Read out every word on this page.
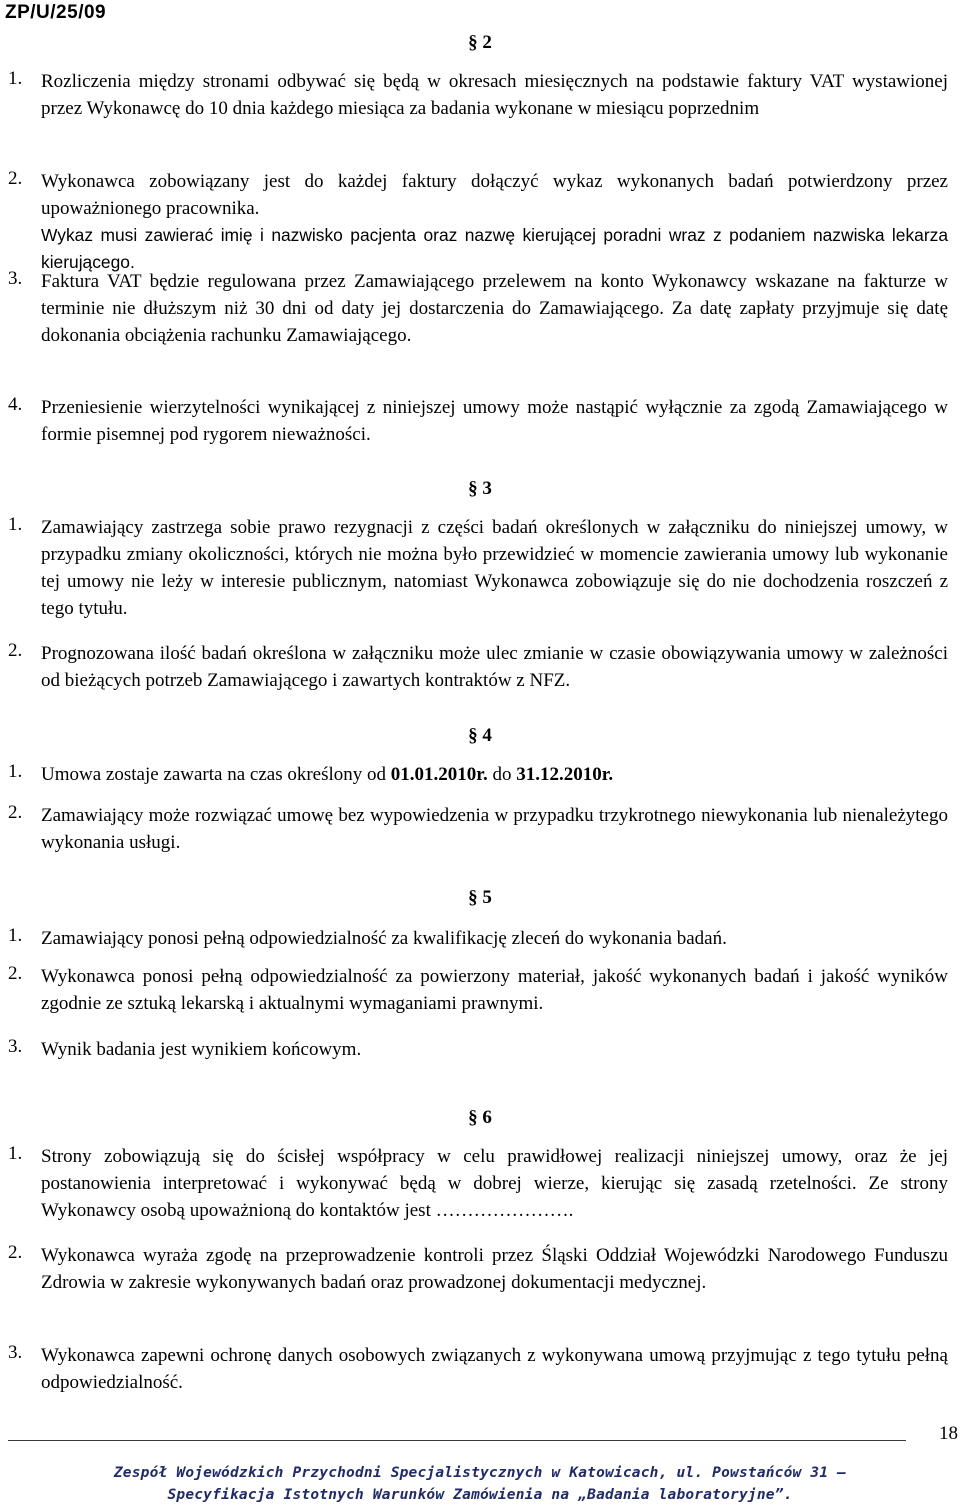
ZP/U/25/09
§ 2
1. Rozliczenia między stronami odbywać się będą w okresach miesięcznych na podstawie faktury VAT wystawionej przez Wykonawcę do 10 dnia każdego miesiąca za badania wykonane w miesiącu poprzednim
2. Wykonawca zobowiązany jest do każdej faktury dołączyć wykaz wykonanych badań potwierdzony przez upoważnionego pracownika.
Wykaz musi zawierać imię i nazwisko pacjenta oraz nazwę kierującej poradni wraz z podaniem nazwiska lekarza kierującego.
3. Faktura VAT będzie regulowana przez Zamawiającego przelewem na konto Wykonawcy wskazane na fakturze w terminie nie dłuższym niż 30 dni od daty jej dostarczenia do Zamawiającego. Za datę zapłaty przyjmuje się datę dokonania obciążenia rachunku Zamawiającego.
4. Przeniesienie wierzytelności wynikającej z niniejszej umowy może nastąpić wyłącznie za zgodą Zamawiającego w formie pisemnej pod rygorem nieważności.
§ 3
1. Zamawiający zastrzega sobie prawo rezygnacji z części badań określonych w załączniku do niniejszej umowy, w przypadku zmiany okoliczności, których nie można było przewidzieć w momencie zawierania umowy lub wykonanie tej umowy nie leży w interesie publicznym, natomiast Wykonawca zobowiązuje się do nie dochodzenia roszczeń z tego tytułu.
2. Prognozowana ilość badań określona w załączniku może ulec zmianie w czasie obowiązywania umowy w zależności od bieżących potrzeb Zamawiającego i zawartych kontraktów z NFZ.
§ 4
1. Umowa zostaje zawarta na czas określony od 01.01.2010r. do 31.12.2010r.
2. Zamawiający może rozwiązać umowę bez wypowiedzenia w przypadku trzykrotnego niewykonania lub nienależytego wykonania usługi.
§ 5
1. Zamawiający ponosi pełną odpowiedzialność za kwalifikację zleceń do wykonania badań.
2. Wykonawca ponosi pełną odpowiedzialność za powierzony materiał, jakość wykonanych badań i jakość wyników zgodnie ze sztuką lekarską i aktualnymi wymaganiami prawnymi.
3. Wynik badania jest wynikiem końcowym.
§ 6
1. Strony zobowiązują się do ścisłej współpracy w celu prawidłowej realizacji niniejszej umowy, oraz że jej postanowienia interpretować i wykonywać będą w dobrej wierze, kierując się zasadą rzetelności. Ze strony Wykonawcy osobą upoważnioną do kontaktów jest ………………….
2. Wykonawca wyraża zgodę na przeprowadzenie kontroli przez Śląski Oddział Wojewódzki Narodowego Funduszu Zdrowia w zakresie wykonywanych badań oraz prowadzonej dokumentacji medycznej.
3. Wykonawca zapewni ochronę danych osobowych związanych z wykonywana umową przyjmując z tego tytułu pełną odpowiedzialność.
18
Zespół Wojewódzkich Przychodni Specjalistycznych w Katowicach, ul. Powstańców 31 –
Specyfikacja Istotnych Warunków Zamówienia na „Badania laboratoryjne”.
